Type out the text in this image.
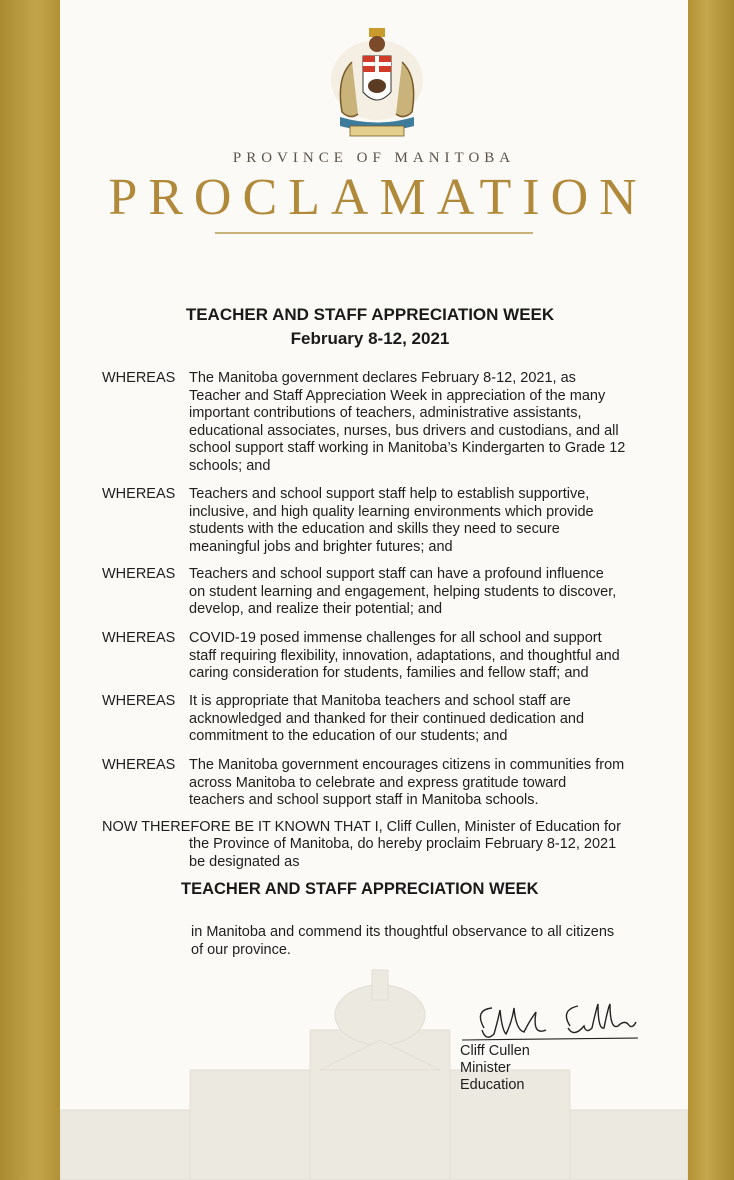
PROVINCE OF MANITOBA
PROCLAMATION
TEACHER AND STAFF APPRECIATION WEEK
February 8-12, 2021
WHEREAS The Manitoba government declares February 8-12, 2021, as
Teacher and Staff Appreciation Week in appreciation of the many
important contributions of teachers, administrative assistants,
educational associates, nurses, bus drivers and custodians, and all
school support staff working in Manitoba’s Kindergarten to Grade 12
schools; and
WHEREAS Teachers and school support staff help to establish supportive,
inclusive, and high quality learning environments which provide
students with the education and skills they need to secure
meaningful jobs and brighter futures; and
WHEREAS Teachers and school support staff can have a profound influence
on student learning and engagement, helping students to discover,
develop, and realize their potential; and
WHEREAS COVID-19 posed immense challenges for all school and support
staff requiring flexibility, innovation, adaptations, and thoughtful and
caring consideration for students, families and fellow staff; and
WHEREAS It is appropriate that Manitoba teachers and school staff are
acknowledged and thanked for their continued dedication and
commitment to the education of our students; and
WHEREAS The Manitoba government encourages citizens in communities from
across Manitoba to celebrate and express gratitude toward
teachers and school support staff in Manitoba schools.
NOW THEREFORE BE IT KNOWN THAT I, Cliff Cullen, Minister of Education for
the Province of Manitoba, do hereby proclaim February 8-12, 2021
be designated as
TEACHER AND STAFF APPRECIATION WEEK
in Manitoba and commend its thoughtful observance to all citizens
of our province.
Cliff Cullen
Minister
Education
